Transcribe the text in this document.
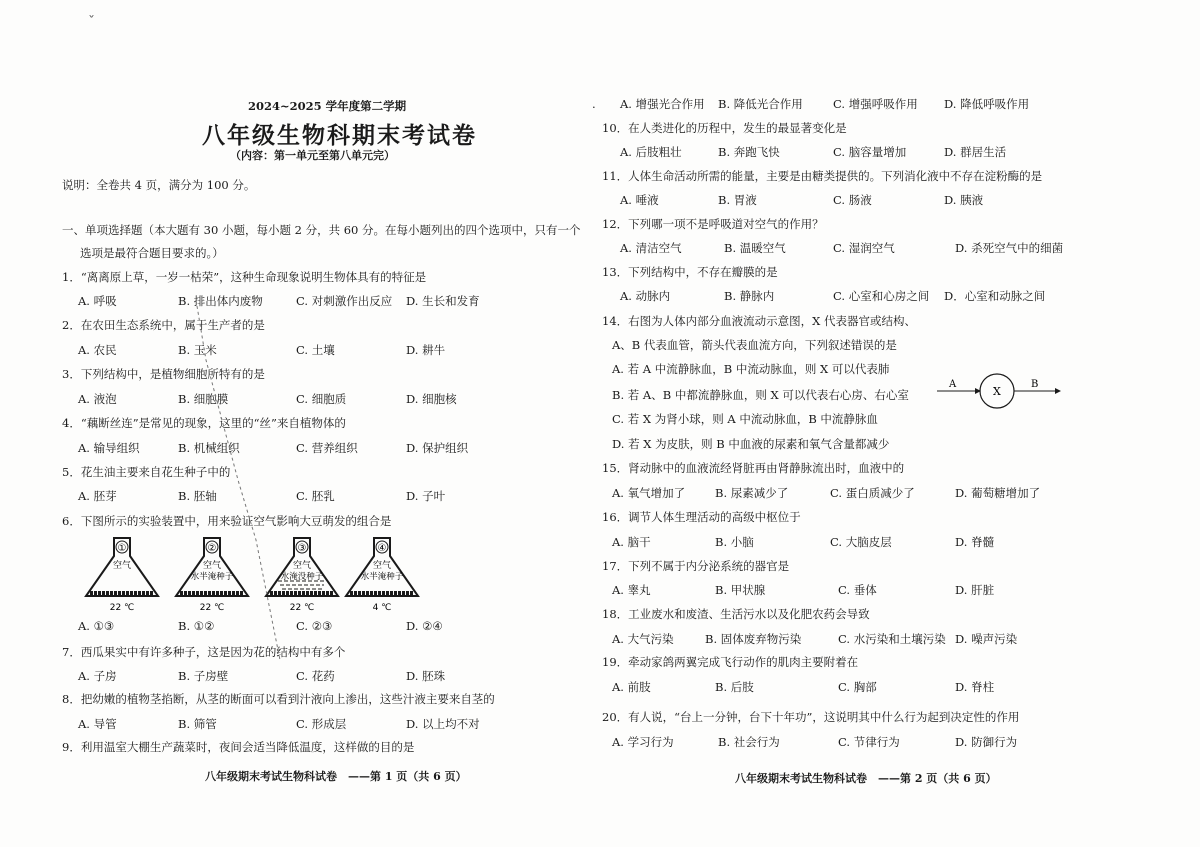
ˇ
2024~2025 学年度第二学期
八年级生物科期末考试卷
（内容：第一单元至第八单元完）
说明：全卷共 4 页，满分为 100 分。
一、单项选择题（本大题有 30 小题，每小题 2 分，共 60 分。在每小题列出的四个选项中，只有一个
选项是最符合题目要求的。）
1．“离离原上草，一岁一枯荣”，这种生命现象说明生物体具有的特征是
A. 呼吸	B. 排出体内废物	C. 对刺激作出反应 D. 生长和发育
2．在农田生态系统中，属于生产者的是
A. 农民	B. 玉米	C. 土壤	D. 耕牛
3．下列结构中，是植物细胞所特有的是
A. 液泡	B. 细胞膜	C. 细胞质	D. 细胞核
4．“藕断丝连”是常见的现象，这里的“丝”来自植物体的
A. 输导组织	B. 机械组织	C. 营养组织	D. 保护组织
5．花生油主要来自花生种子中的
A. 胚芽	B. 胚轴	C. 胚乳	D. 子叶
6．下图所示的实验装置中，用来验证空气影响大豆萌发的组合是
A. ①③	B. ①②	C. ②③	D. ②④
7．西瓜果实中有许多种子，这是因为花的结构中有多个
A. 子房	B. 子房壁	C. 花药	D. 胚珠
8．把幼嫩的植物茎掐断，从茎的断面可以看到汁液向上渗出，这些汁液主要来自茎的
A. 导管	B. 筛管	C. 形成层	D. 以上均不对
9．利用温室大棚生产蔬菜时，夜间会适当降低温度，这样做的目的是
①
空气
22 ℃
②
空气
水半淹种子
22 ℃
③
空气
水淹没种子
22 ℃
④
空气
水半淹种子
4 ℃
. A. 增强光合作用 B. 降低光合作用	C. 增强呼吸作用 D. 降低呼吸作用
10．在人类进化的历程中，发生的最显著变化是
A. 后肢粗壮	B. 奔跑飞快	C. 脑容量增加	D. 群居生活
11．人体生命活动所需的能量，主要是由糖类提供的。下列消化液中不存在淀粉酶的是
A. 唾液	B. 胃液	C. 肠液	D. 胰液
12．下列哪一项不是呼吸道对空气的作用？
A. 清洁空气	B. 温暖空气	C. 湿润空气	D. 杀死空气中的细菌
13．下列结构中，不存在瓣膜的是
A. 动脉内	B. 静脉内	C. 心室和心房之间 D．心室和动脉之间
14．右图为人体内部分血液流动示意图，X 代表器官或结构、
A、B 代表血管，箭头代表血流方向，下列叙述错误的是
A. 若 A 中流静脉血，B 中流动脉血，则 X 可以代表肺
B. 若 A、B 中都流静脉血，则 X 可以代表右心房、右心室
C. 若 X 为肾小球，则 A 中流动脉血，B 中流静脉血
D. 若 X 为皮肤，则 B 中血液的尿素和氧气含量都减少
15．肾动脉中的血液流经肾脏再由肾静脉流出时，血液中的
A. 氧气增加了	B. 尿素减少了	C. 蛋白质减少了	D. 葡萄糖增加了
16．调节人体生理活动的高级中枢位于
A. 脑干	B. 小脑	C. 大脑皮层	D. 脊髓
17．下列不属于内分泌系统的器官是
A. 睾丸	B. 甲状腺	C. 垂体	D. 肝脏
18．工业废水和废渣、生活污水以及化肥农药会导致
A. 大气污染	B. 固体废弃物污染	C. 水污染和土壤污染 D. 噪声污染
19．牵动家鸽两翼完成飞行动作的肌肉主要附着在
A. 前肢	B. 后肢	C. 胸部	D. 脊柱
20．有人说，“台上一分钟，台下十年功”，这说明其中什么行为起到决定性的作用
A. 学习行为	B. 社会行为	C. 节律行为	D. 防御行为
A
X
B
八年级期末考试生物科试卷　——第 1 页（共 6 页）	八年级期末考试生物科试卷　——第 2 页（共 6 页）
